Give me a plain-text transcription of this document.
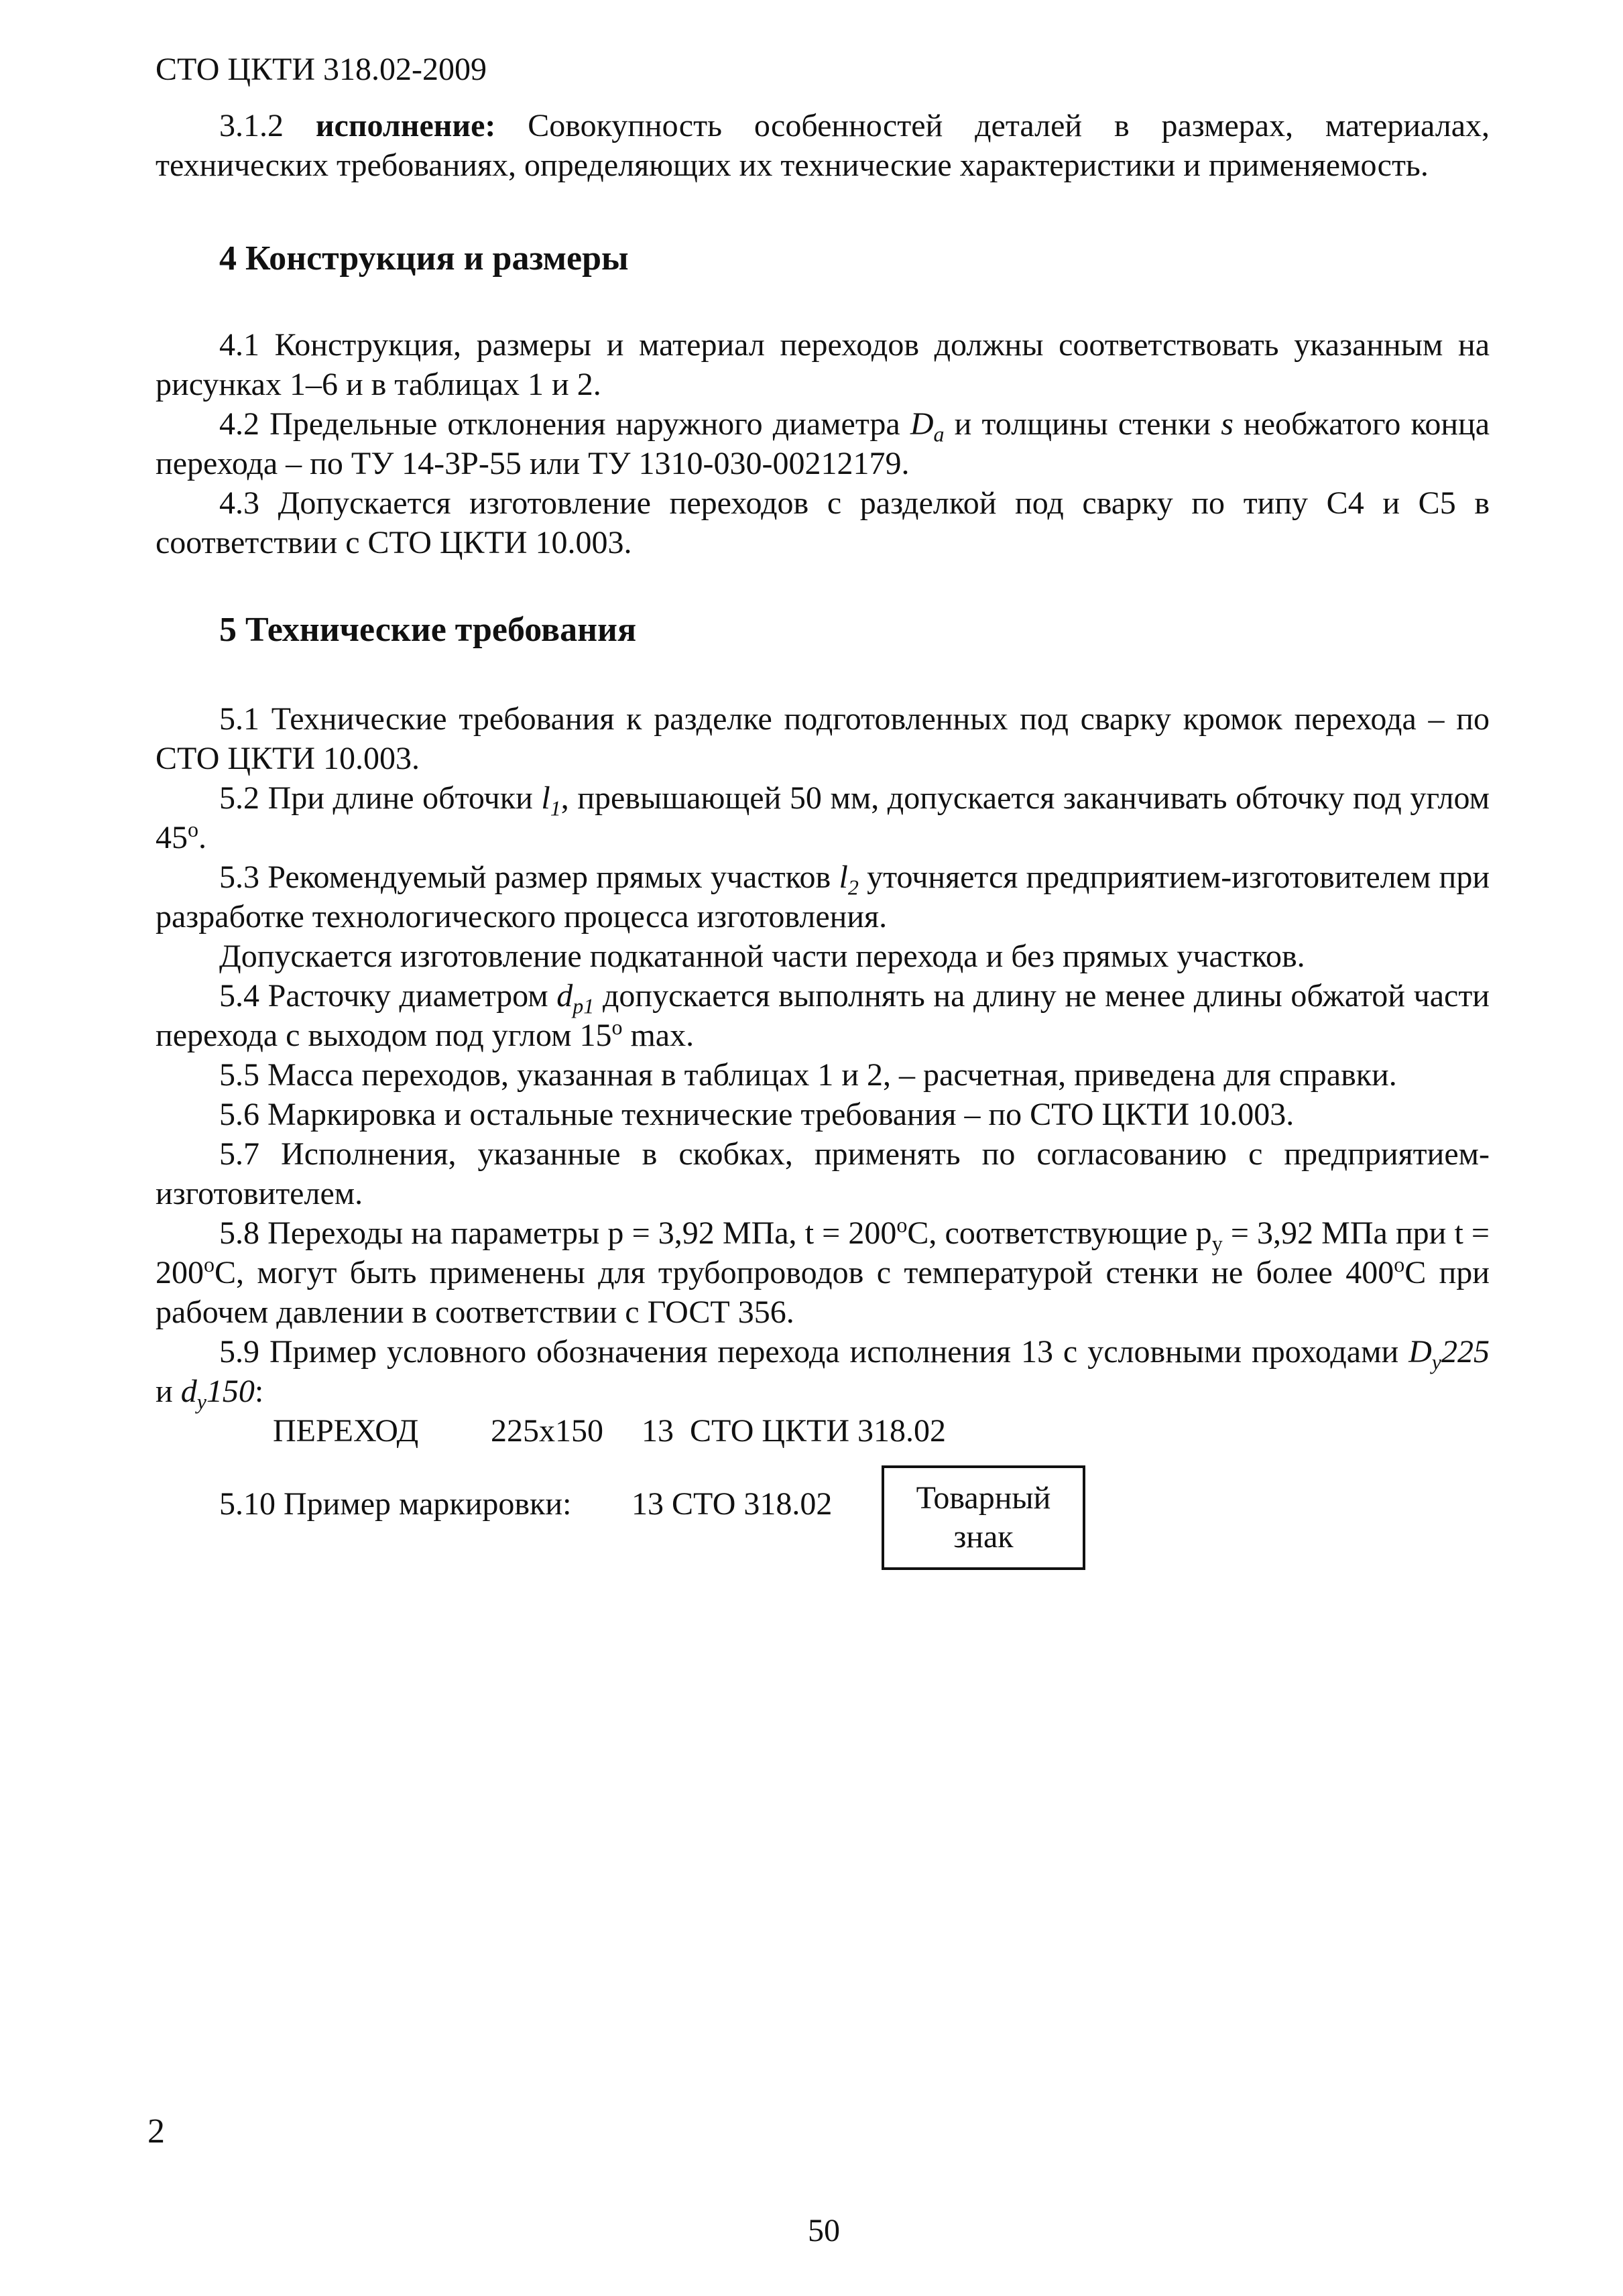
СТО ЦКТИ 318.02-2009

3.1.2 исполнение: Совокупность особенностей деталей в размерах, материалах, технических требованиях, определяющих их технические характеристики и применяемость.

4 Конструкция и размеры

4.1 Конструкция, размеры и материал переходов должны соответствовать указанным на рисунках 1–6 и в таблицах 1 и 2.

4.2 Предельные отклонения наружного диаметра $D_a$ и толщины стенки s необжатого конца перехода – по ТУ 14-3Р-55 или ТУ 1310-030-00212179.

4.3 Допускается изготовление переходов с разделкой под сварку по типу С4 и С5 в соответствии с СТО ЦКТИ 10.003.

5 Технические требования

5.1 Технические требования к разделке подготовленных под сварку кромок перехода – по СТО ЦКТИ 10.003.

5.2 При длине обточки $l_1$, превышающей 50 мм, допускается заканчивать обточку под углом $45^о$.

5.3 Рекомендуемый размер прямых участков $l_2$ уточняется предприятием-изготовителем при разработке технологического процесса изготовления.

Допускается изготовление подкатанной части перехода и без прямых участков.

5.4 Расточку диаметром $d_{p1}$ допускается выполнять на длину не менее длины обжатой части перехода с выходом под углом $15^о$ max.

5.5 Масса переходов, указанная в таблицах 1 и 2, – расчетная, приведена для справки.

5.6 Маркировка и остальные технические требования – по СТО ЦКТИ 10.003.

5.7 Исполнения, указанные в скобках, применять по согласованию с предприятием-изготовителем.

5.8 Переходы на параметры p = 3,92 МПа, $t = 200^оС$, соответствующие $p_y = 3,92$ МПа при $t = 200^оС$, могут быть применены для трубопроводов с температурой стенки не более $400^оС$ при рабочем давлении в соответствии с ГОСТ 356.

5.9 Пример условного обозначения перехода исполнения 13 с условными проходами $D_y225$ и $d_y150$:

ПЕРЕХОД	225х150	13 СТО ЦКТИ 318.02
5.10 Пример маркировки: 13 СТО 318.02	Товарный
знак
2
50
